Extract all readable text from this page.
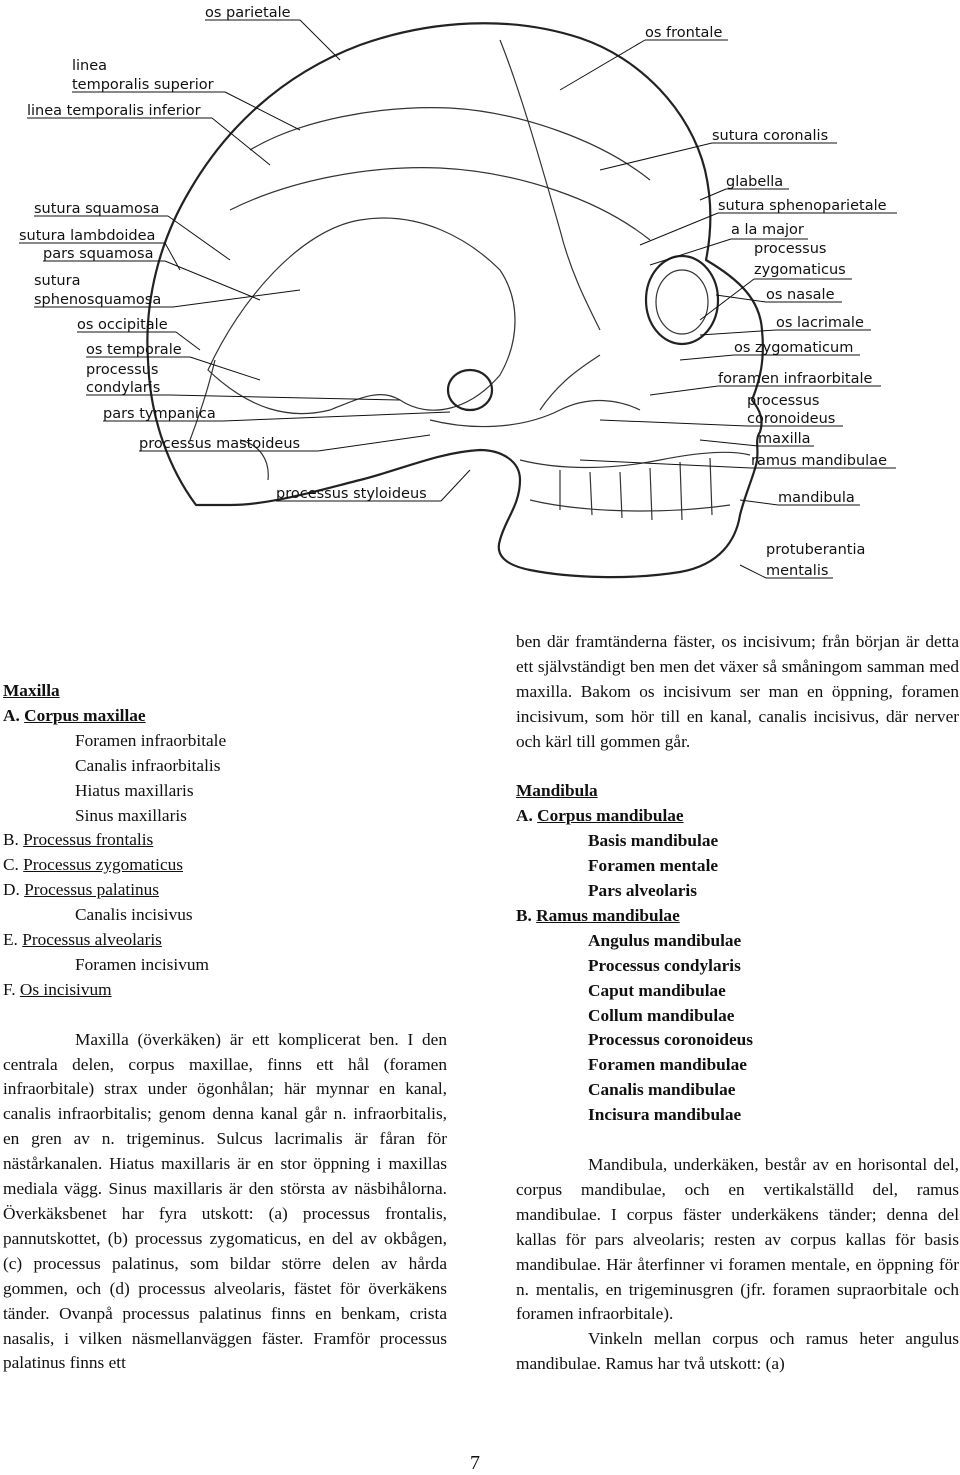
os parietale
os frontale
linea
temporalis superior
linea temporalis inferior
sutura coronalis
glabella
sutura sphenoparietale
sutura squamosa
a la major
sutura lambdoidea
processus
pars squamosa
zygomaticus
sutura
os nasale
sphenosquamosa
os occipitale	os lacrimale
os zygomaticum
os temporale
processus
foramen infraorbitale
condylaris
processus
pars tympanica	coronoideus
maxilla
processus mastoideus
ramus mandibulae
processus styloideus	mandibula
protuberantia
mentalis
Maxilla
A. Corpus maxillae
Foramen infraorbitale
Canalis infraorbitalis
Hiatus maxillaris
Sinus maxillaris
B. Processus frontalis
C. Processus zygomaticus
D. Processus palatinus
Canalis incisivus
E. Processus alveolaris
Foramen incisivum
F. Os incisivum

Maxilla (överkäken) är ett komplicerat ben. I den centrala delen, corpus maxillae, finns ett hål (foramen infraorbitale) strax under ögonhålan; här mynnar en kanal, canalis infraorbitalis; genom denna kanal går n. infraorbitalis, en gren av n. trigeminus. Sulcus lacrimalis är fåran för nästårkanalen. Hiatus maxillaris är en stor öppning i maxillas mediala vägg. Sinus maxillaris är den största av näsbihålorna. Överkäksbenet har fyra utskott: (a) processus frontalis, pannutskottet, (b) processus zygomaticus, en del av okbågen, (c) processus palatinus, som bildar större delen av hårda gommen, och (d) processus alveolaris, fästet för överkäkens tänder. Ovanpå processus palatinus finns en benkam, crista nasalis, i vilken näsmellanväggen fäster. Framför processus palatinus finns ett

ben där framtänderna fäster, os incisivum; från början är detta ett självständigt ben men det växer så småningom samman med maxilla. Bakom os incisivum ser man en öppning, foramen incisivum, som hör till en kanal, canalis incisivus, där nerver och kärl till gommen går.

Mandibula
A. Corpus mandibulae
Basis mandibulae
Foramen mentale
Pars alveolaris
B. Ramus mandibulae
Angulus mandibulae
Processus condylaris
Caput mandibulae
Collum mandibulae
Processus coronoideus
Foramen mandibulae
Canalis mandibulae
Incisura mandibulae

Mandibula, underkäken, består av en horisontal del, corpus mandibulae, och en vertikalställd del, ramus mandibulae. I corpus fäster underkäkens tänder; denna del kallas för pars alveolaris; resten av corpus kallas för basis mandibulae. Här återfinner vi foramen mentale, en öppning för n. mentalis, en trigeminusgren (jfr. foramen supraorbitale och foramen infraorbitale).

Vinkeln mellan corpus och ramus heter angulus mandibulae. Ramus har två utskott: (a)

7
